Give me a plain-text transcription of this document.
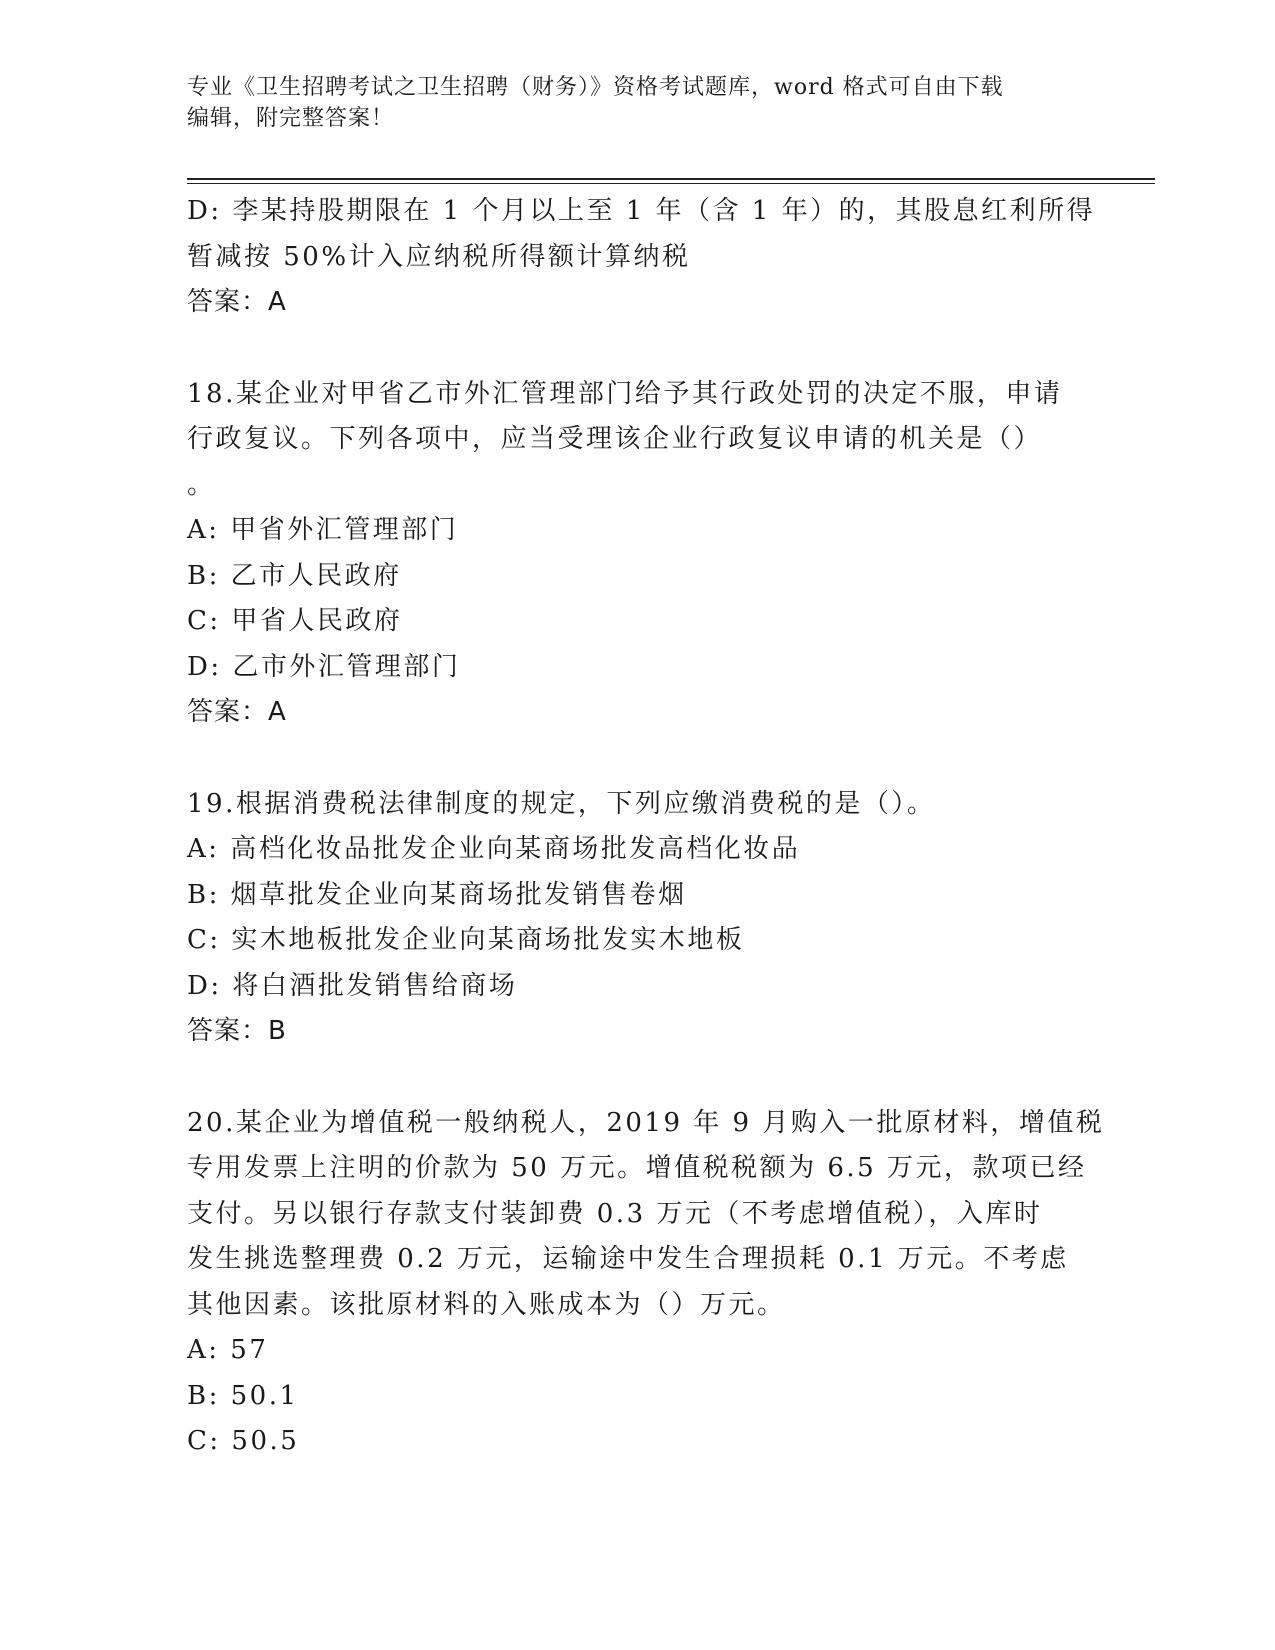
专业《卫生招聘考试之卫生招聘（财务）》资格考试题库，word 格式可自由下载
编辑，附完整答案！
D: 李某持股期限在 1 个月以上至 1 年（含 1 年）的，其股息红利所得
暂减按 50%计入应纳税所得额计算纳税
答案：A
18.某企业对甲省乙市外汇管理部门给予其行政处罚的决定不服，申请
行政复议。下列各项中，应当受理该企业行政复议申请的机关是（）
。
A: 甲省外汇管理部门
B: 乙市人民政府
C: 甲省人民政府
D: 乙市外汇管理部门
答案：A
19.根据消费税法律制度的规定，下列应缴消费税的是（）。
A: 高档化妆品批发企业向某商场批发高档化妆品
B: 烟草批发企业向某商场批发销售卷烟
C: 实木地板批发企业向某商场批发实木地板
D: 将白酒批发销售给商场
答案：B
20.某企业为增值税一般纳税人，2019 年 9 月购入一批原材料，增值税
专用发票上注明的价款为 50 万元。增值税税额为 6.5 万元，款项已经
支付。另以银行存款支付装卸费 0.3 万元（不考虑增值税），入库时
发生挑选整理费 0.2 万元，运输途中发生合理损耗 0.1 万元。不考虑
其他因素。该批原材料的入账成本为（）万元。
A: 57
B: 50.1
C: 50.5
